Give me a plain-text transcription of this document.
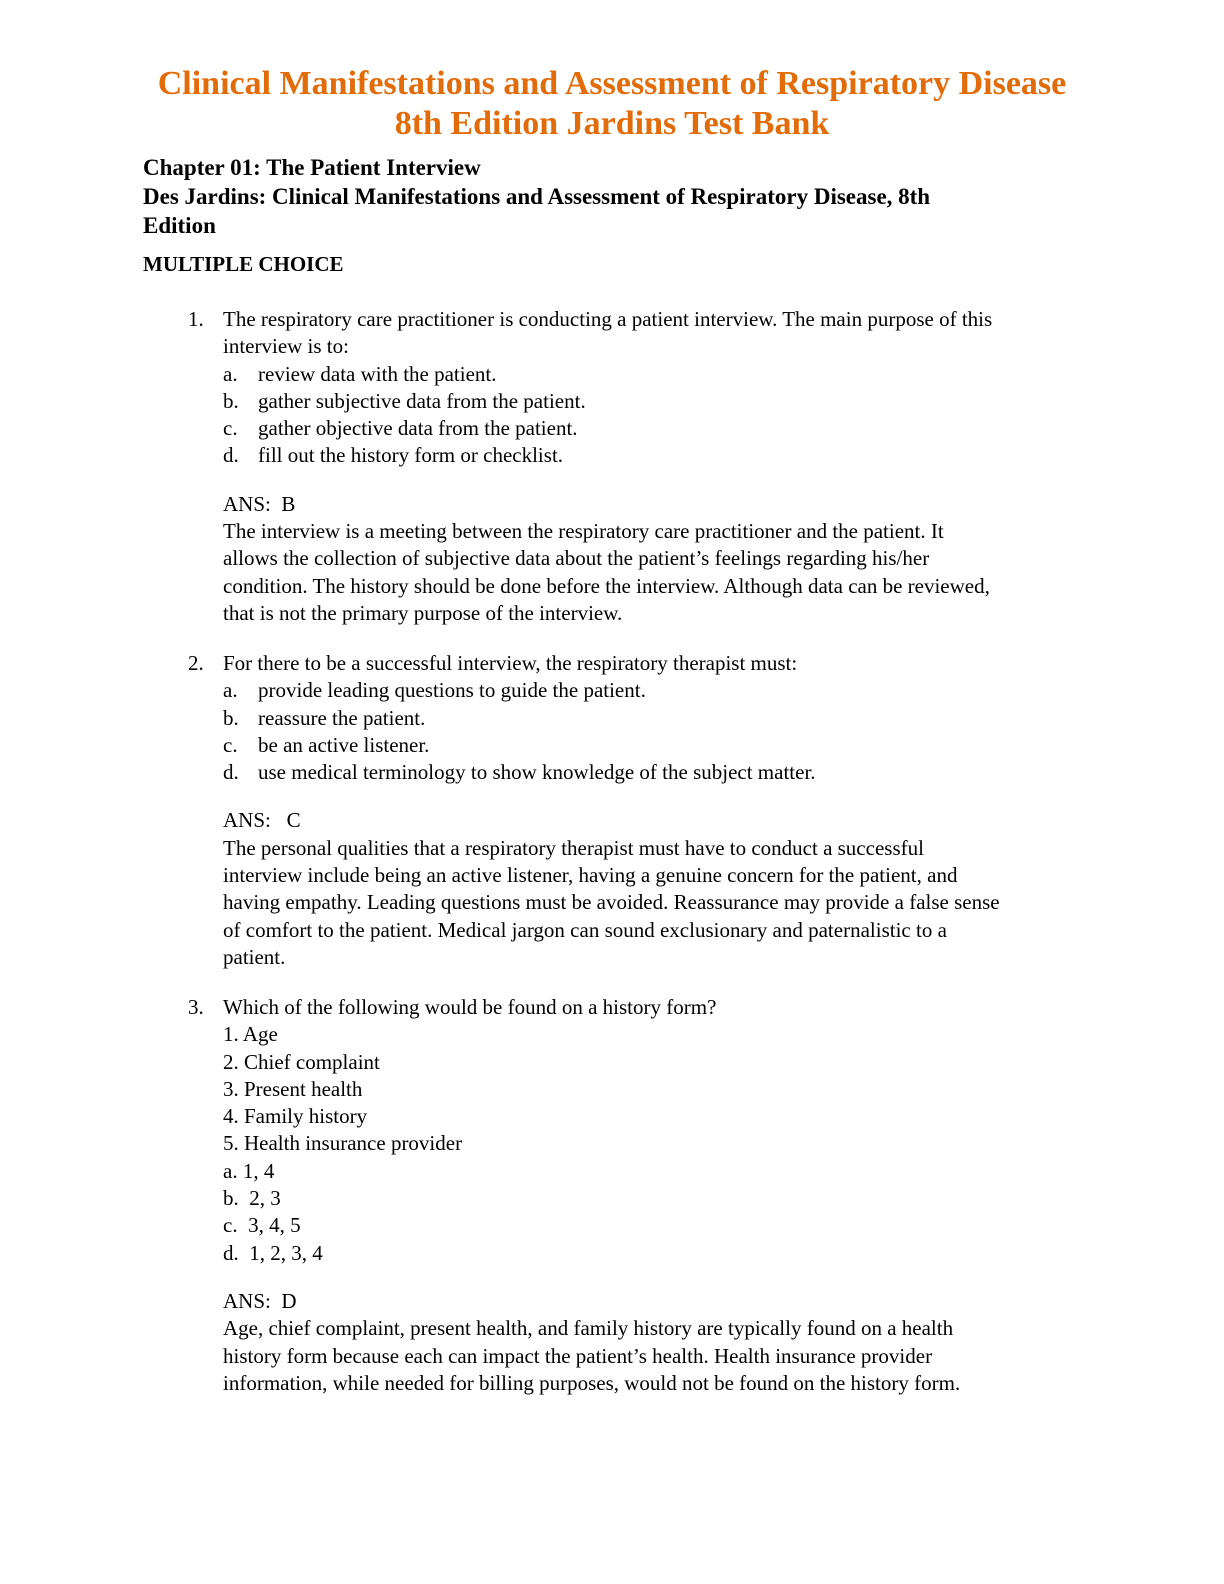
Clinical Manifestations and Assessment of Respiratory Disease
8th Edition Jardins Test Bank
Chapter 01: The Patient Interview
Des Jardins: Clinical Manifestations and Assessment of Respiratory Disease, 8th
Edition
MULTIPLE CHOICE
1. The respiratory care practitioner is conducting a patient interview. The main purpose of this
interview is to:
a. review data with the patient.
b. gather subjective data from the patient.
c. gather objective data from the patient.
d. fill out the history form or checklist.
ANS:  B
The interview is a meeting between the respiratory care practitioner and the patient. It
allows the collection of subjective data about the patient’s feelings regarding his/her
condition. The history should be done before the interview. Although data can be reviewed,
that is not the primary purpose of the interview.
2. For there to be a successful interview, the respiratory therapist must:
a. provide leading questions to guide the patient.
b. reassure the patient.
c. be an active listener.
d. use medical terminology to show knowledge of the subject matter.
ANS:   C
The personal qualities that a respiratory therapist must have to conduct a successful
interview include being an active listener, having a genuine concern for the patient, and
having empathy. Leading questions must be avoided. Reassurance may provide a false sense
of comfort to the patient. Medical jargon can sound exclusionary and paternalistic to a
patient.
3. Which of the following would be found on a history form?
1. Age
2. Chief complaint
3. Present health
4. Family history
5. Health insurance provider
a. 1, 4
b.  2, 3
c.  3, 4, 5
d.  1, 2, 3, 4
ANS:  D
Age, chief complaint, present health, and family history are typically found on a health
history form because each can impact the patient’s health. Health insurance provider
information, while needed for billing purposes, would not be found on the history form.
